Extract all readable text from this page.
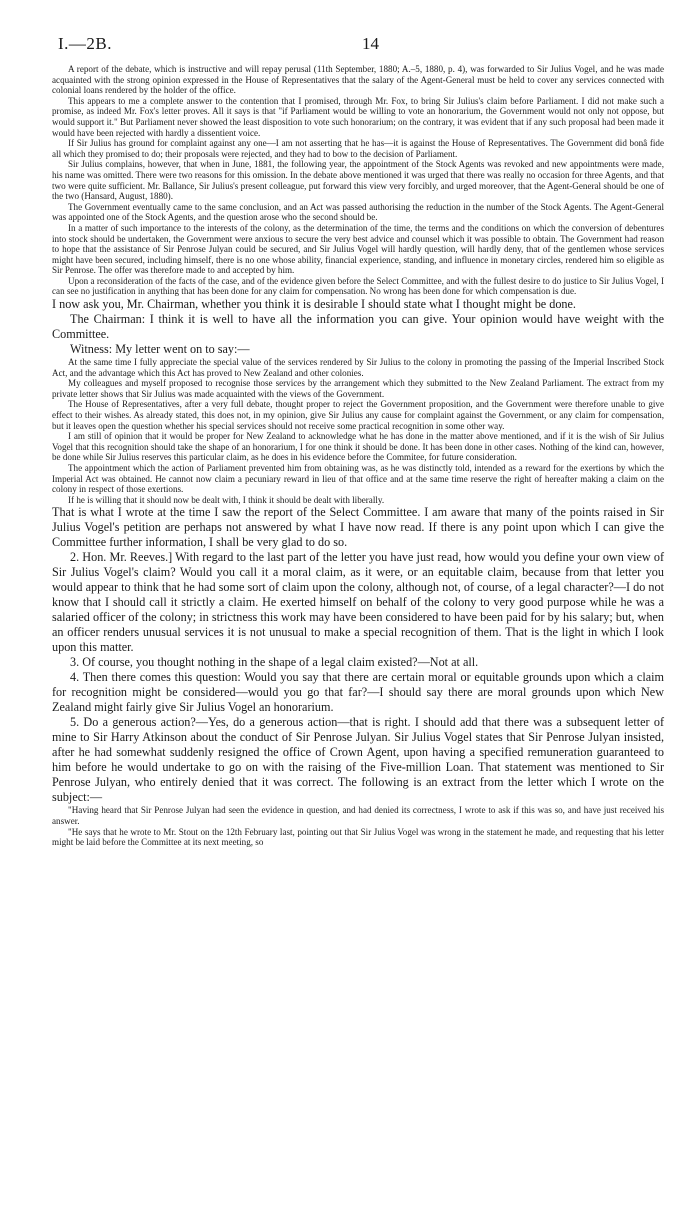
I.—2B.	14

A report of the debate, which is instructive and will repay perusal (11th September, 1880; A.–5, 1880, p. 4), was forwarded to Sir Julius Vogel, and he was made acquainted with the strong opinion expressed in the House of Representatives that the salary of the Agent-General must be held to cover any services connected with colonial loans rendered by the holder of the office.

This appears to me a complete answer to the contention that I promised, through Mr. Fox, to bring Sir Julius's claim before Parliament. I did not make such a promise, as indeed Mr. Fox's letter proves. All it says is that "if Parliament would be willing to vote an honorarium, the Government would not only not oppose, but would support it." But Parliament never showed the least disposition to vote such honorarium; on the contrary, it was evident that if any such proposal had been made it would have been rejected with hardly a dissentient voice.

If Sir Julius has ground for complaint against any one—I am not asserting that he has—it is against the House of Representatives. The Government did bonâ fide all which they promised to do; their proposals were rejected, and they had to bow to the decision of Parliament.

Sir Julius complains, however, that when in June, 1881, the following year, the appointment of the Stock Agents was revoked and new appointments were made, his name was omitted. There were two reasons for this omission. In the debate above mentioned it was urged that there was really no occasion for three Agents, and that two were quite sufficient. Mr. Ballance, Sir Julius's present colleague, put forward this view very forcibly, and urged moreover, that the Agent-General should be one of the two (Hansard, August, 1880).

The Government eventually came to the same conclusion, and an Act was passed authorising the reduction in the number of the Stock Agents. The Agent-General was appointed one of the Stock Agents, and the question arose who the second should be.

In a matter of such importance to the interests of the colony, as the determination of the time, the terms and the conditions on which the conversion of debentures into stock should be undertaken, the Government were anxious to secure the very best advice and counsel which it was possible to obtain. The Government had reason to hope that the assistance of Sir Penrose Julyan could be secured, and Sir Julius Vogel will hardly question, will hardly deny, that of the gentlemen whose services might have been secured, including himself, there is no one whose ability, financial experience, standing, and influence in monetary circles, rendered him so eligible as Sir Penrose. The offer was therefore made to and accepted by him.

Upon a reconsideration of the facts of the case, and of the evidence given before the Select Committee, and with the fullest desire to do justice to Sir Julius Vogel, I can see no justification in anything that has been done for any claim for compensation. No wrong has been done for which compensation is due.

I now ask you, Mr. Chairman, whether you think it is desirable I should state what I thought might be done.

The Chairman: I think it is well to have all the information you can give. Your opinion would have weight with the Committee.

Witness: My letter went on to say:—

At the same time I fully appreciate the special value of the services rendered by Sir Julius to the colony in promoting the passing of the Imperial Inscribed Stock Act, and the advantage which this Act has proved to New Zealand and other colonies.

My colleagues and myself proposed to recognise those services by the arrangement which they submitted to the New Zealand Parliament. The extract from my private letter shows that Sir Julius was made acquainted with the views of the Government.

The House of Representatives, after a very full debate, thought proper to reject the Government proposition, and the Government were therefore unable to give effect to their wishes. As already stated, this does not, in my opinion, give Sir Julius any cause for complaint against the Government, or any claim for compensation, but it leaves open the question whether his special services should not receive some practical recognition in some other way.

I am still of opinion that it would be proper for New Zealand to acknowledge what he has done in the matter above mentioned, and if it is the wish of Sir Julius Vogel that this recognition should take the shape of an honorarium, I for one think it should be done. It has been done in other cases. Nothing of the kind can, however, be done while Sir Julius reserves this particular claim, as he does in his evidence before the Commitee, for future consideration.

The appointment which the action of Parliament prevented him from obtaining was, as he was distinctly told, intended as a reward for the exertions by which the Imperial Act was obtained. He cannot now claim a pecuniary reward in lieu of that office and at the same time reserve the right of hereafter making a claim on the colony in respect of those exertions.

If he is willing that it should now be dealt with, I think it should be dealt with liberally.

That is what I wrote at the time I saw the report of the Select Committee. I am aware that many of the points raised in Sir Julius Vogel's petition are perhaps not answered by what I have now read. If there is any point upon which I can give the Committee further information, I shall be very glad to do so.

2. Hon. Mr. Reeves.] With regard to the last part of the letter you have just read, how would you define your own view of Sir Julius Vogel's claim? Would you call it a moral claim, as it were, or an equitable claim, because from that letter you would appear to think that he had some sort of claim upon the colony, although not, of course, of a legal character?—I do not know that I should call it strictly a claim. He exerted himself on behalf of the colony to very good purpose while he was a salaried officer of the colony; in strictness this work may have been considered to have been paid for by his salary; but, when an officer renders unusual services it is not unusual to make a special recognition of them. That is the light in which I look upon this matter.

3. Of course, you thought nothing in the shape of a legal claim existed?—Not at all.

4. Then there comes this question: Would you say that there are certain moral or equitable grounds upon which a claim for recognition might be considered—would you go that far?—I should say there are moral grounds upon which New Zealand might fairly give Sir Julius Vogel an honorarium.

5. Do a generous action?—Yes, do a generous action—that is right. I should add that there was a subsequent letter of mine to Sir Harry Atkinson about the conduct of Sir Penrose Julyan. Sir Julius Vogel states that Sir Penrose Julyan insisted, after he had somewhat suddenly resigned the office of Crown Agent, upon having a specified remuneration guaranteed to him before he would undertake to go on with the raising of the Five-million Loan. That statement was mentioned to Sir Penrose Julyan, who entirely denied that it was correct. The following is an extract from the letter which I wrote on the subject:—

"Having heard that Sir Penrose Julyan had seen the evidence in question, and had denied its correctness, I wrote to ask if this was so, and have just received his answer.

"He says that he wrote to Mr. Stout on the 12th February last, pointing out that Sir Julius Vogel was wrong in the statement he made, and requesting that his letter might be laid before the Committee at its next meeting, so
